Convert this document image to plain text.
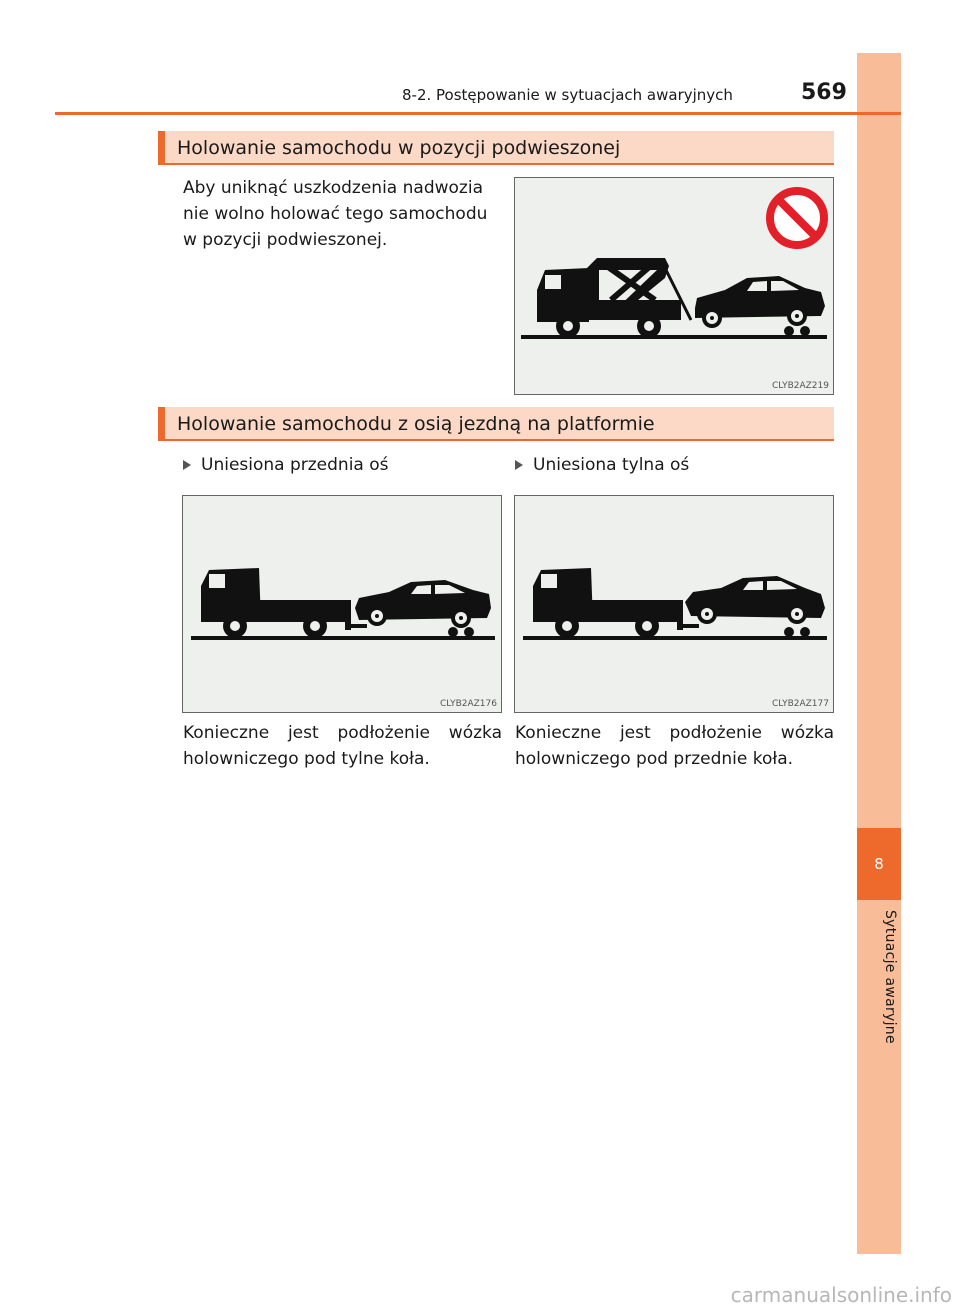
8
Sytuacje awaryjne
8-2. Postępowanie w sytuacjach awaryjnych	569
Holowanie samochodu w pozycji podwieszonej
Aby uniknąć uszkodzenia nadwozia nie wolno holować tego samochodu w pozycji podwieszonej.
CLYB2AZ219
Holowanie samochodu z osią jezdną na platformie
Uniesiona przednia oś	Uniesiona tylna oś
CLYB2AZ176	CLYB2AZ177
Konieczne jest podłożenie wózka holowniczego pod tylne koła.
Konieczne jest podłożenie wózka holowniczego pod przednie koła.
carmanualsonline.info
